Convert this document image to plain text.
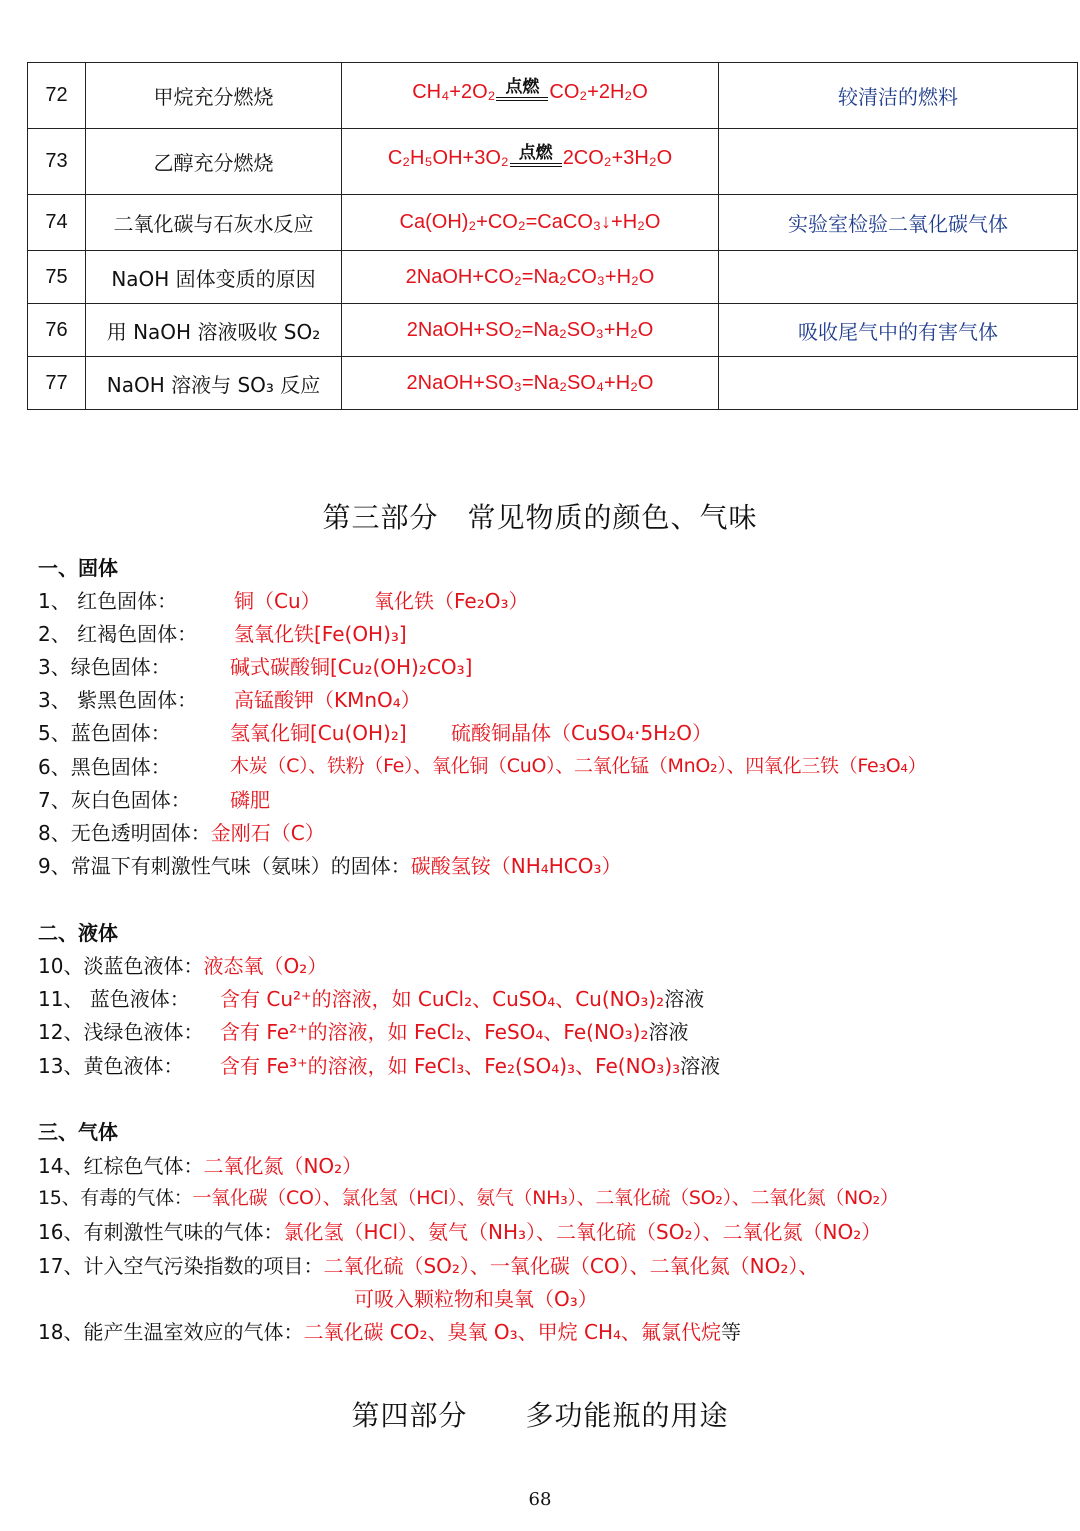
72	甲烷充分燃烧	CH₄+2O₂ 点燃 CO₂+2H₂O	较清洁的燃料
73	乙醇充分燃烧	C₂H₅OH+3O₂ 点燃 2CO₂+3H₂O	
74	二氧化碳与石灰水反应	Ca(OH)₂+CO₂=CaCO₃↓+H₂O	实验室检验二氧化碳气体
75	NaOH 固体变质的原因	2NaOH+CO₂=Na₂CO₃+H₂O	
76	用 NaOH 溶液吸收 SO₂	2NaOH+SO₂=Na₂SO₃+H₂O	吸收尾气中的有害气体
77	NaOH 溶液与 SO₃ 反应	2NaOH+SO₃=Na₂SO₄+H₂O	
第三部分　常见物质的颜色、气味
一、固体
1、 红色固体：	铜（Cu）	氧化铁（Fe₂O₃）
2、 红褐色固体： 氢氧化铁[Fe(OH)₃]
3、绿色固体：	碱式碳酸铜[Cu₂(OH)₂CO₃]
3、 紫黑色固体： 高锰酸钾（KMnO₄）
5、蓝色固体：	氢氧化铜[Cu(OH)₂] 硫酸铜晶体（CuSO₄·5H₂O）
6、黑色固体：	木炭（C）、铁粉（Fe）、氧化铜（CuO）、二氧化锰（MnO₂）、四氧化三铁（Fe₃O₄）
7、灰白色固体： 磷肥
8、无色透明固体：金刚石（C）
9、常温下有刺激性气味（氨味）的固体：碳酸氢铵（NH₄HCO₃）
二、液体
10、淡蓝色液体：液态氧（O₂）
11、 蓝色液体： 含有 Cu²⁺的溶液，如 CuCl₂、CuSO₄、Cu(NO₃)₂溶液
12、浅绿色液体： 含有 Fe²⁺的溶液，如 FeCl₂、FeSO₄、Fe(NO₃)₂溶液
13、黄色液体： 含有 Fe³⁺的溶液，如 FeCl₃、Fe₂(SO₄)₃、Fe(NO₃)₃溶液
三、气体
14、红棕色气体：二氧化氮（NO₂）
15、有毒的气体：一氧化碳（CO）、氯化氢（HCl）、氨气（NH₃）、二氧化硫（SO₂）、二氧化氮（NO₂）
16、有刺激性气味的气体：氯化氢（HCl）、氨气（NH₃）、二氧化硫（SO₂）、二氧化氮（NO₂）
17、计入空气污染指数的项目：二氧化硫（SO₂）、一氧化碳（CO）、二氧化氮（NO₂）、
可吸入颗粒物和臭氧（O₃）
18、能产生温室效应的气体：二氧化碳 CO₂、臭氧 O₃、甲烷 CH₄、氟氯代烷等
第四部分　　多功能瓶的用途
68
